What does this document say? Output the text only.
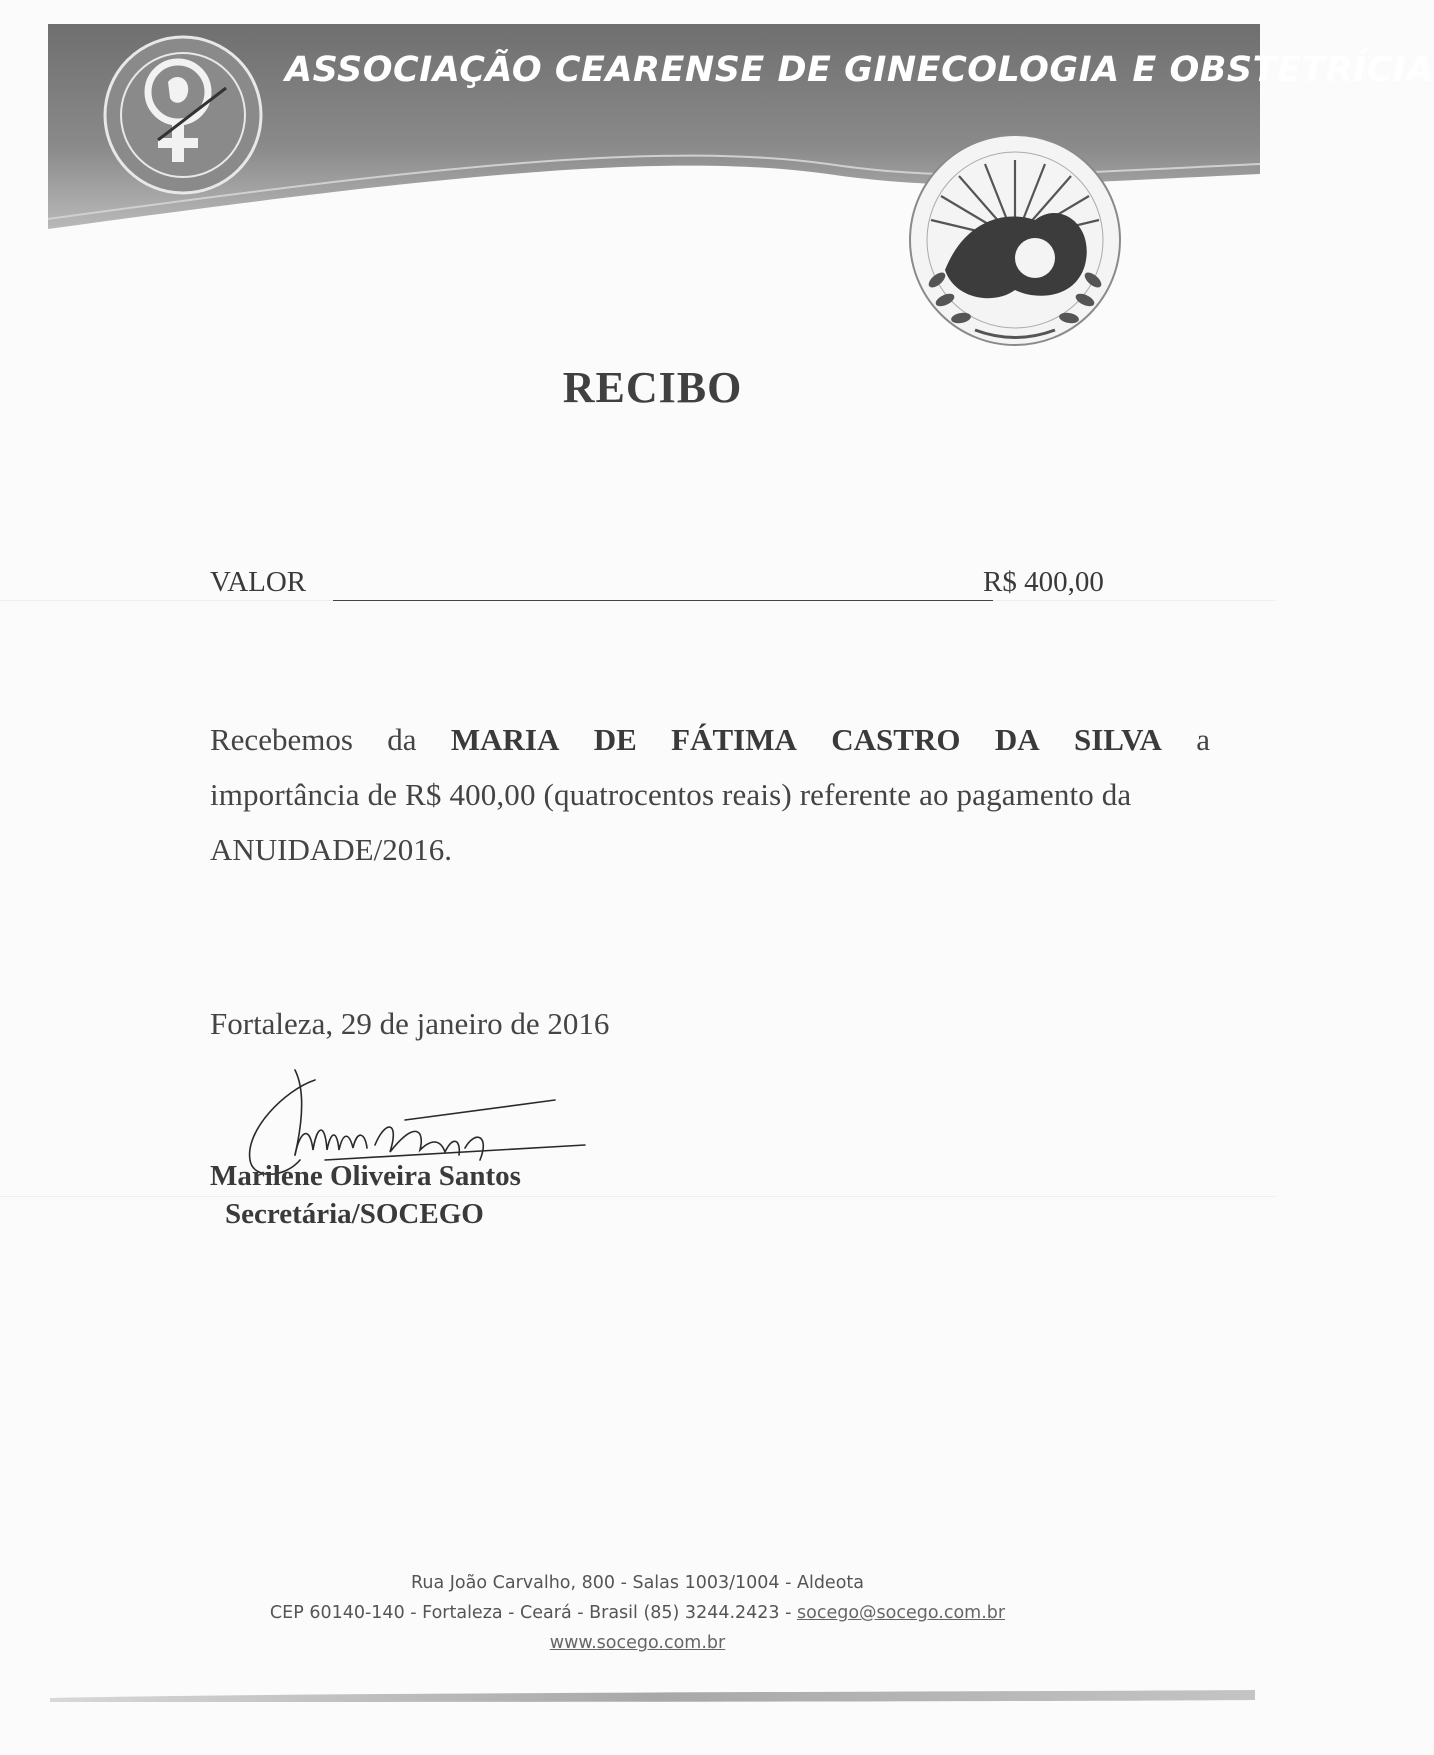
ASSOCIAÇÃO CEARENSE DE GINECOLOGIA E OBSTETRÍCIA
RECIBO
VALOR	R$ 400,00
Recebemos da MARIA DE FÁTIMA CASTRO DA SILVA a
importância de R$ 400,00 (quatrocentos reais) referente ao pagamento da
ANUIDADE/2016.
Fortaleza, 29 de janeiro de 2016
Marilene Oliveira Santos
Secretária/SOCEGO
Rua João Carvalho, 800 - Salas 1003/1004 - Aldeota
CEP 60140-140 - Fortaleza - Ceará - Brasil (85) 3244.2423 - socego@socego.com.br
www.socego.com.br
